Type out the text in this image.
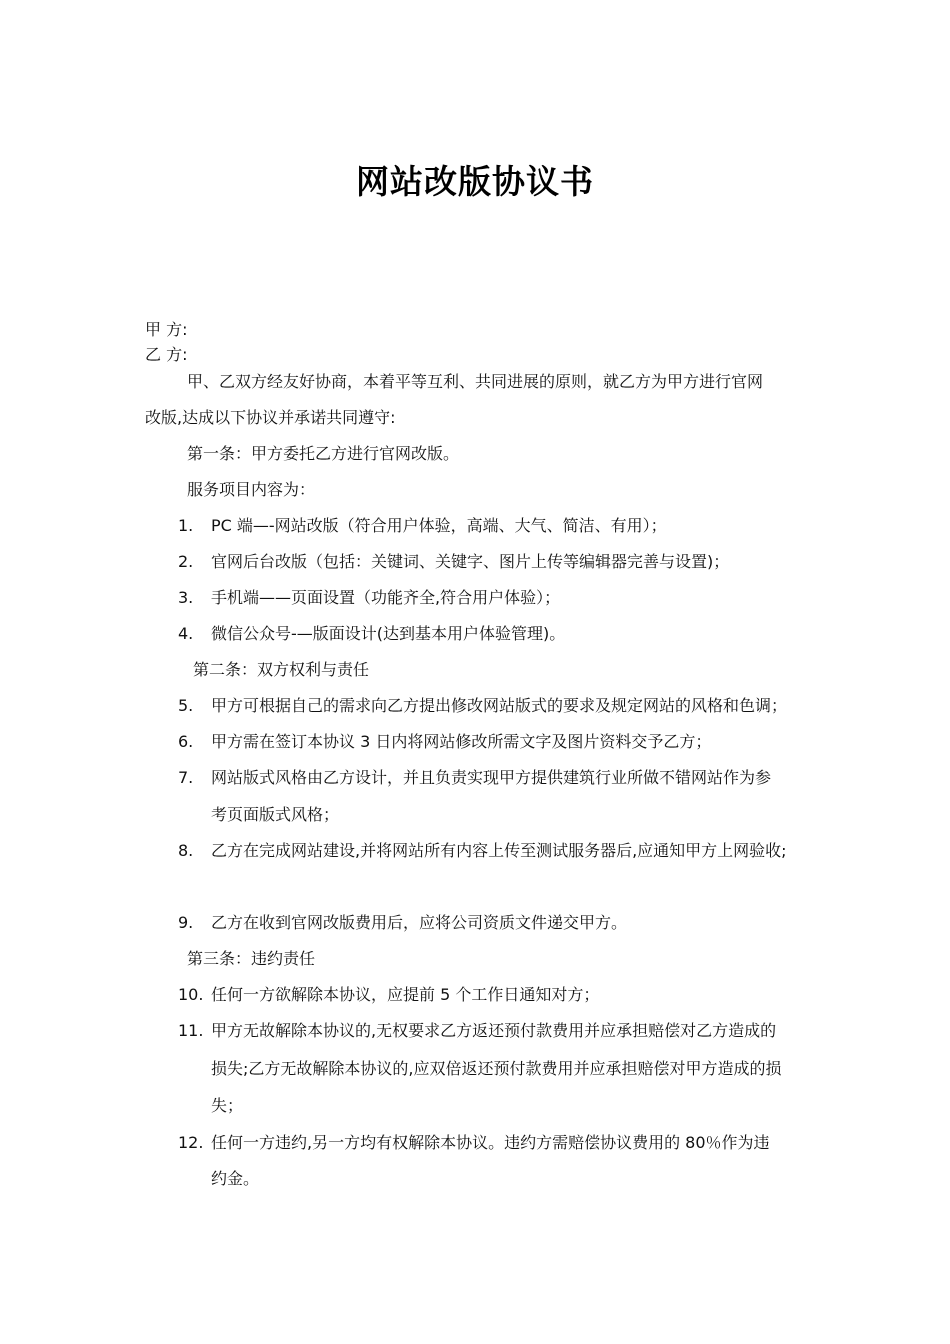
网站改版协议书
甲 方:
乙 方:
甲、乙双方经友好协商，本着平等互利、共同进展的原则，就乙方为甲方进行官网
改版,达成以下协议并承诺共同遵守:
第一条：甲方委托乙方进行官网改版。
服务项目内容为：
1. PC 端—-网站改版（符合用户体验，高端、大气、简洁、有用）；
2. 官网后台改版（包括：关键词、关键字、图片上传等编辑器完善与设置)；
3. 手机端——页面设置（功能齐全,符合用户体验）；
4. 微信公众号-—版面设计(达到基本用户体验管理)。
第二条：双方权利与责任
5. 甲方可根据自己的需求向乙方提出修改网站版式的要求及规定网站的风格和色调；
6. 甲方需在签订本协议 3 日内将网站修改所需文字及图片资料交予乙方；
7. 网站版式风格由乙方设计，并且负责实现甲方提供建筑行业所做不错网站作为参
考页面版式风格；
8. 乙方在完成网站建设,并将网站所有内容上传至测试服务器后,应通知甲方上网验收;
9. 乙方在收到官网改版费用后，应将公司资质文件递交甲方。
第三条：违约责任
10. 任何一方欲解除本协议，应提前 5 个工作日通知对方；
11. 甲方无故解除本协议的,无权要求乙方返还预付款费用并应承担赔偿对乙方造成的
损失;乙方无故解除本协议的,应双倍返还预付款费用并应承担赔偿对甲方造成的损
失；
12. 任何一方违约,另一方均有权解除本协议。违约方需赔偿协议费用的 80％作为违
约金。
